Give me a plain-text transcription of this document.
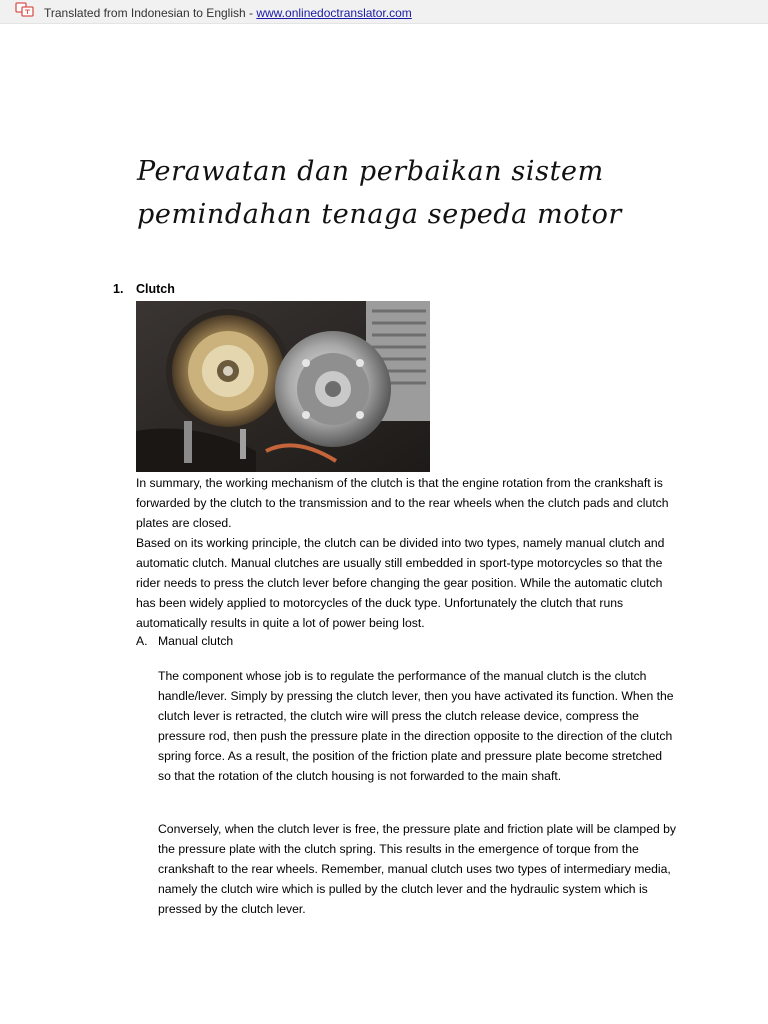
Translated from Indonesian to English - www.onlinedoctranslator.com
Perawatan dan perbaikan sistem
pemindahan tenaga sepeda motor
1. Clutch

In summary, the working mechanism of the clutch is that the engine rotation from the crankshaft is forwarded by the clutch to the transmission and to the rear wheels when the clutch pads and clutch plates are closed.

Based on its working principle, the clutch can be divided into two types, namely manual clutch and automatic clutch. Manual clutches are usually still embedded in sport-type motorcycles so that the rider needs to press the clutch lever before changing the gear position. While the automatic clutch has been widely applied to motorcycles of the duck type. Unfortunately the clutch that runs automatically results in quite a lot of power being lost.

A. Manual clutch

The component whose job is to regulate the performance of the manual clutch is the clutch handle/lever. Simply by pressing the clutch lever, then you have activated its function. When the clutch lever is retracted, the clutch wire will press the clutch release device, compress the pressure rod, then push the pressure plate in the direction opposite to the direction of the clutch spring force. As a result, the position of the friction plate and pressure plate become stretched so that the rotation of the clutch housing is not forwarded to the main shaft.

Conversely, when the clutch lever is free, the pressure plate and friction plate will be clamped by the pressure plate with the clutch spring. This results in the emergence of torque from the crankshaft to the rear wheels. Remember, manual clutch uses two types of intermediary media, namely the clutch wire which is pulled by the clutch lever and the hydraulic system which is pressed by the clutch lever.
